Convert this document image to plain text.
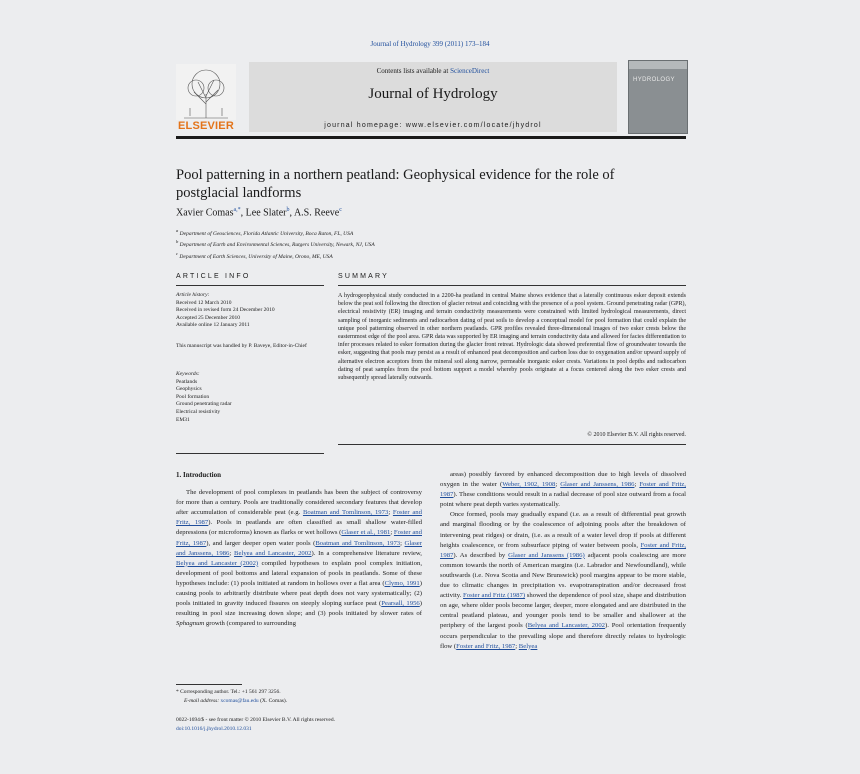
Journal of Hydrology 399 (2011) 173–184
ELSEVIER
Contents lists available at ScienceDirect
Journal of Hydrology
journal homepage: www.elsevier.com/locate/jhydrol
HYDROLOGY
Pool patterning in a northern peatland: Geophysical evidence for the role of postglacial landforms
Xavier Comas$^{a,*}$, Lee Slater$^b$, A.S. Reeve$^c$
$^a$ Department of Geosciences, Florida Atlantic University, Boca Raton, FL, USA
$^b$ Department of Earth and Environmental Sciences, Rutgers University, Newark, NJ, USA
$^c$ Department of Earth Sciences, University of Maine, Orono, ME, USA
ARTICLE INFO	SUMMARY
Article history:
Received 12 March 2010
Received in revised form 24 December 2010
Accepted 25 December 2010
Available online 12 January 2011
This manuscript was handled by P. Baveye, Editor-in-Chief
Keywords:
Peatlands
Geophysics
Pool formation
Ground penetrating radar
Electrical resistivity
EM31
A hydrogeophysical study conducted in a 2200-ha peatland in central Maine shows evidence that a laterally continuous esker deposit extends below the peat soil following the direction of glacier retreat and coinciding with the presence of a pool system. Ground penetrating radar (GPR), electrical resistivity (ER) imaging and terrain conductivity measurements were constrained with limited hydrological measurements, direct sampling of inorganic sediments and radiocarbon dating of peat soils to develop a conceptual model for pool formation that could explain the unique pool patterning observed in other northern peatlands. GPR profiles revealed three-dimensional images of two esker crests below the easternmost edge of the pool area. GPR data was supported by ER imaging and terrain conductivity data and allowed for facies differentiation to infer processes related to esker formation during the glacier front retreat. Hydrologic data showed preferential flow of groundwater towards the esker, suggesting that pools may persist as a result of enhanced peat decomposition and carbon loss due to oxygenation and/or upward supply of alternative electron acceptors from the mineral soil along narrow, permeable inorganic esker crests. Variations in pool depths and radiocarbon dating of peat samples from the pool bottom support a model whereby pools originate at a focus centered along the two esker crests and subsequently spread laterally outwards.
© 2010 Elsevier B.V. All rights reserved.
1. Introduction

The development of pool complexes in peatlands has been the subject of controversy for more than a century. Pools are traditionally considered secondary features that develop after accumulation of considerable peat (e.g. Boatman and Tomlinson, 1973; Foster and Fritz, 1987). Pools in peatlands are often classified as small shallow water-filled depressions (or microforms) known as flarks or wet hollows (Glaser et al., 1981; Foster and Fritz, 1987), and larger deeper open water pools (Boatman and Tomlinson, 1973; Glaser and Janssens, 1986; Belyea and Lancaster, 2002). In a comprehensive literature review, Belyea and Lancaster (2002) compiled hypotheses to explain pool complex initiation, development of pool bottoms and lateral expansion of pools in peatlands. Some of these hypotheses include: (1) pools initiated at random in hollows over a flat area (Clymo, 1991) causing pools to arbitrarily distribute where peat depth does not vary systematically; (2) pools initiated in gravity induced fissures on steeply sloping surface peat (Pearsall, 1956) resulting in pool size increasing down slope; and (3) pools initiated by slower rates of Sphagnum growth (compared to surrounding

areas) possibly favored by enhanced decomposition due to high levels of dissolved oxygen in the water (Weber, 1902, 1908; Glaser and Janssens, 1986; Foster and Fritz, 1987). These conditions would result in a radial decrease of pool size outward from a focal point where peat depth varies systematically.

Once formed, pools may gradually expand (i.e. as a result of differential peat growth and marginal flooding or by the coalescence of adjoining pools after the breakdown of intervening peat ridges) or drain, (i.e. as a result of a water level drop if pools at different heights coalescence, or from subsurface piping of water between pools, Foster and Fritz, 1987). As described by Glaser and Janssens (1986) adjacent pools coalescing are more common towards the north of American margins (i.e. Labrador and Newfoundland), while southwards (i.e. Nova Scotia and New Brunswick) pool margins appear to be more stable, due to climatic changes in precipitation vs. evapotranspiration and/or decreased frost activity. Foster and Fritz (1987) showed the dependence of pool size, shape and distribution on age, where older pools become larger, deeper, more elongated and are distributed in the central peatland plateau, and younger pools tend to be smaller and shallower at the periphery of the largest pools (Belyea and Lancaster, 2002). Pool orientation frequently occurs perpendicular to the prevailing slope and therefore directly relates to hydrologic flow (Foster and Fritz, 1987; Belyea

* Corresponding author. Tel.: +1 561 297 3256.
E-mail address: xcomas@fau.edu (X. Comas).
0022-1694/$ - see front matter © 2010 Elsevier B.V. All rights reserved.
doi:10.1016/j.jhydrol.2010.12.031
